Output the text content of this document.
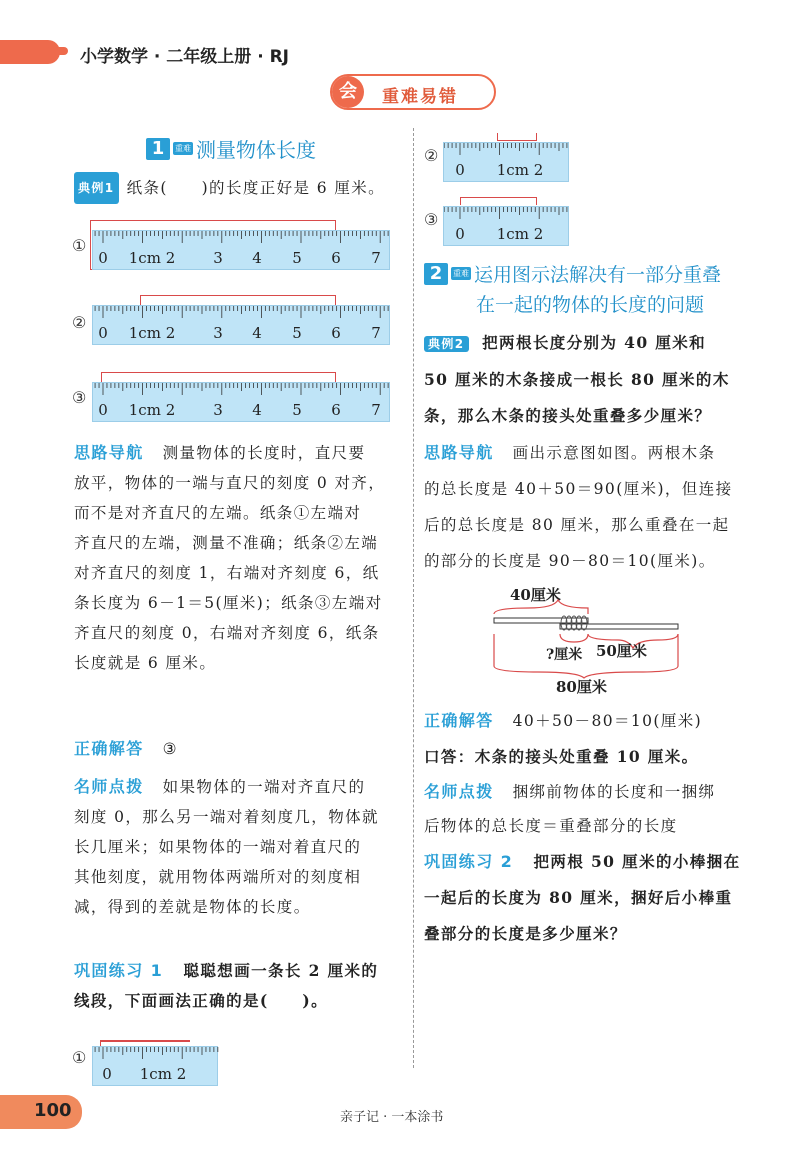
小学数学 · 二年级上册 · RJ
会	重难易错
1	重难 测量物体长度
典例1 纸条(　　)的长度正好是 6 厘米。
①
0 1cm 2	3 4 5 6 7
②
0 1cm 2	3 4 5 6 7
③
0 1cm 2	3 4 5 6 7
思路导航 测量物体的长度时，直尺要
放平，物体的一端与直尺的刻度 0 对齐，
而不是对齐直尺的左端。纸条①左端对
齐直尺的左端，测量不准确；纸条②左端
对齐直尺的刻度 1，右端对齐刻度 6，纸
条长度为 6－1＝5(厘米)；纸条③左端对
齐直尺的刻度 0，右端对齐刻度 6，纸条
长度就是 6 厘米。
正确解答 ③
名师点拨 如果物体的一端对齐直尺的
刻度 0，那么另一端对着刻度几，物体就
长几厘米；如果物体的一端对着直尺的
其他刻度，就用物体两端所对的刻度相
减，得到的差就是物体的长度。
巩固练习 1 聪聪想画一条长 2 厘米的
线段，下面画法正确的是(　　)。
①
0 1cm 2
②
0 1cm 2
③
0 1cm 2
2	重难 运用图示法解决有一部分重叠
在一起的物体的长度的问题
典例2 把两根长度分别为 40 厘米和
50 厘米的木条接成一根长 80 厘米的木
条，那么木条的接头处重叠多少厘米？
思路导航 画出示意图如图。两根木条
的总长度是 40＋50＝90(厘米)，但连接
后的总长度是 80 厘米，那么重叠在一起
的部分的长度是 90－80＝10(厘米)。
40厘米
?厘米 50厘米
80厘米
正确解答 40＋50－80＝10(厘米)
口答：木条的接头处重叠 10 厘米。
名师点拨 捆绑前物体的长度和一捆绑
后物体的总长度＝重叠部分的长度
巩固练习 2 把两根 50 厘米的小棒捆在
一起后的长度为 80 厘米，捆好后小棒重
叠部分的长度是多少厘米？
100	亲子记 · 一本涂书
